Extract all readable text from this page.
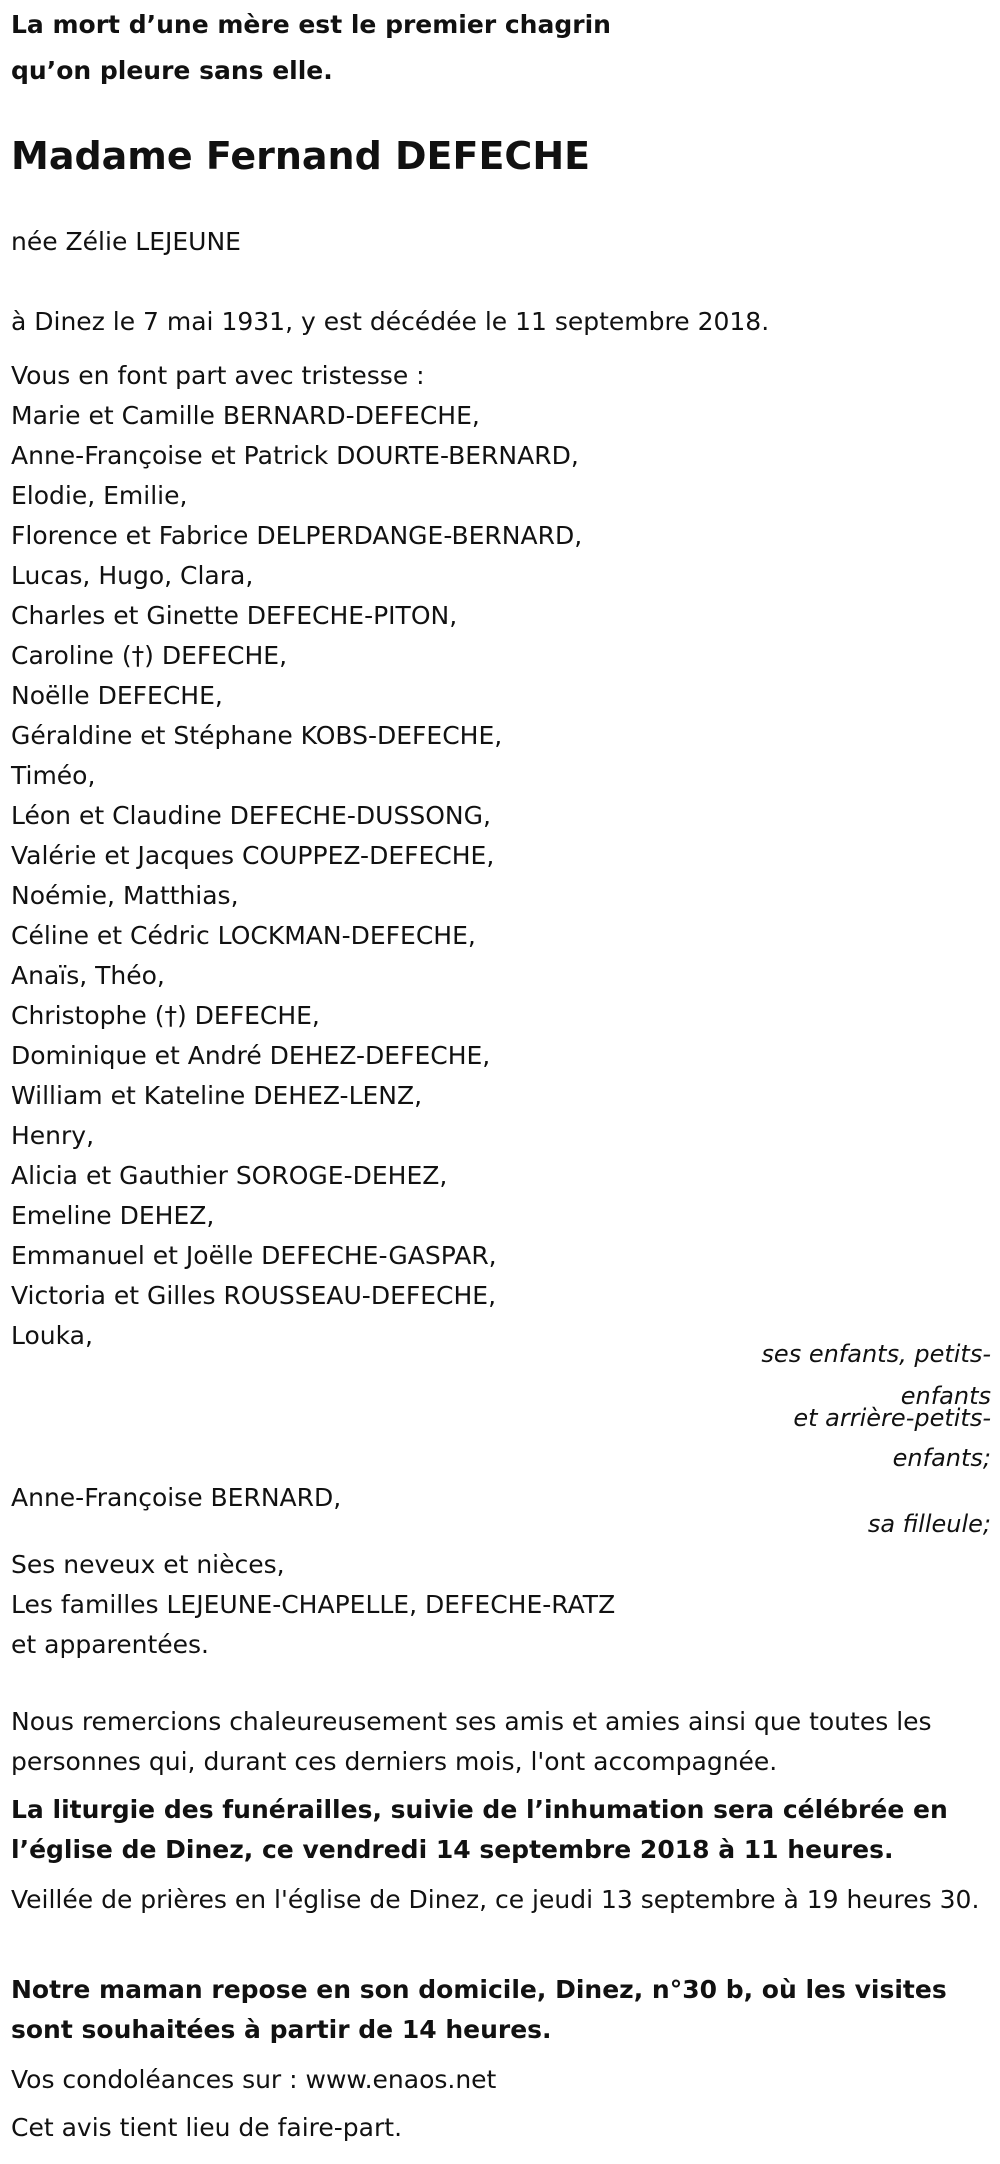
La mort d’une mère est le premier chagrin
qu’on pleure sans elle.
Madame Fernand DEFECHE
née Zélie LEJEUNE
à Dinez le 7 mai 1931, y est décédée le 11 septembre 2018.
Vous en font part avec tristesse :
Marie et Camille BERNARD-DEFECHE,
Anne-Françoise et Patrick DOURTE-BERNARD,
Elodie, Emilie,
Florence et Fabrice DELPERDANGE-BERNARD,
Lucas, Hugo, Clara,
Charles et Ginette DEFECHE-PITON,
Caroline (†) DEFECHE,
Noëlle DEFECHE,
Géraldine et Stéphane KOBS-DEFECHE,
Timéo,
Léon et Claudine DEFECHE-DUSSONG,
Valérie et Jacques COUPPEZ-DEFECHE,
Noémie, Matthias,
Céline et Cédric LOCKMAN-DEFECHE,
Anaïs, Théo,
Christophe (†) DEFECHE,
Dominique et André DEHEZ-DEFECHE,
William et Kateline DEHEZ-LENZ,
Henry,
Alicia et Gauthier SOROGE-DEHEZ,
Emeline DEHEZ,
Emmanuel et Joëlle DEFECHE-GASPAR,
Victoria et Gilles ROUSSEAU-DEFECHE,
Louka,
ses enfants, petits-
enfants
et arrière-petits-
enfants;
Anne-Françoise BERNARD,
sa filleule;
Ses neveux et nièces,
Les familles LEJEUNE-CHAPELLE, DEFECHE-RATZ
et apparentées.
Nous remercions chaleureusement ses amis et amies ainsi que toutes les personnes qui, durant ces derniers mois, l'ont accompagnée.
La liturgie des funérailles, suivie de l’inhumation sera célébrée en l’église de Dinez, ce vendredi 14 septembre 2018 à 11 heures.
Veillée de prières en l'église de Dinez, ce jeudi 13 septembre à 19 heures 30.
Notre maman repose en son domicile, Dinez, n°30 b, où les visites sont souhaitées à partir de 14 heures.
Vos condoléances sur : www.enaos.net
Cet avis tient lieu de faire-part.
